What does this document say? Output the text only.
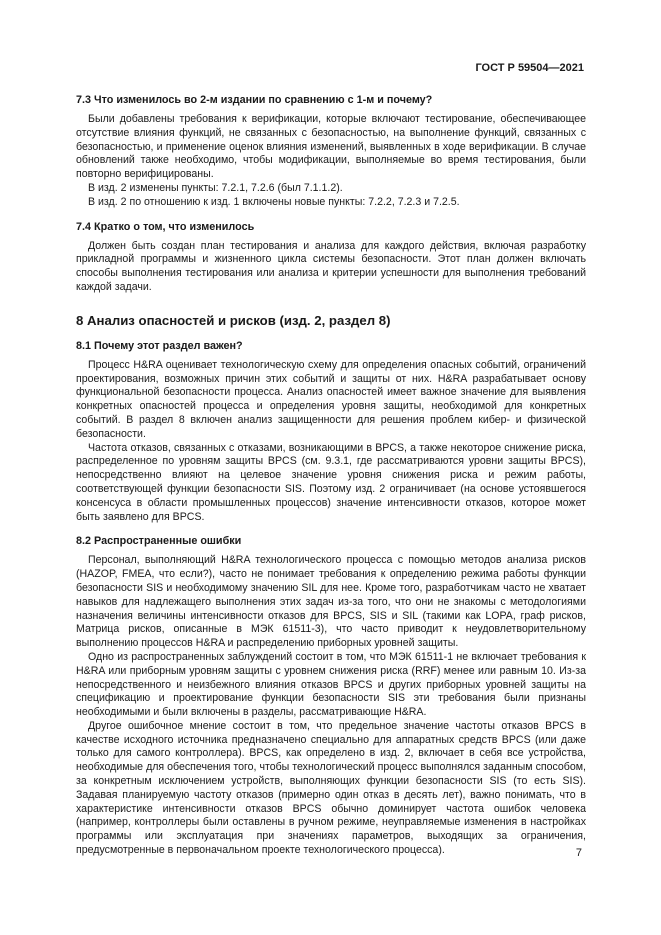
ГОСТ Р 59504—2021

7.3 Что изменилось во 2-м издании по сравнению с 1-м и почему?

Были добавлены требования к верификации, которые включают тестирование, обеспечивающее отсутствие влияния функций, не связанных с безопасностью, на выполнение функций, связанных с безопасностью, и применение оценок влияния изменений, выявленных в ходе верификации. В случае обновлений также необходимо, чтобы модификации, выполняемые во время тестирования, были повторно верифицированы.

В изд. 2 изменены пункты: 7.2.1, 7.2.6 (был 7.1.1.2).

В изд. 2 по отношению к изд. 1 включены новые пункты: 7.2.2, 7.2.3 и 7.2.5.

7.4 Кратко о том, что изменилось

Должен быть создан план тестирования и анализа для каждого действия, включая разработку прикладной программы и жизненного цикла системы безопасности. Этот план должен включать способы выполнения тестирования или анализа и критерии успешности для выполнения требований каждой задачи.

8 Анализ опасностей и рисков (изд. 2, раздел 8)

8.1 Почему этот раздел важен?

Процесс H&RA оценивает технологическую схему для определения опасных событий, ограничений проектирования, возможных причин этих событий и защиты от них. H&RA разрабатывает основу функциональной безопасности процесса. Анализ опасностей имеет важное значение для выявления конкретных опасностей процесса и определения уровня защиты, необходимой для конкретных событий. В раздел 8 включен анализ защищенности для решения проблем кибер- и физической безопасности.

Частота отказов, связанных с отказами, возникающими в BPCS, а также некоторое снижение риска, распределенное по уровням защиты BPCS (см. 9.3.1, где рассматриваются уровни защиты BPCS), непосредственно влияют на целевое значение уровня снижения риска и режим работы, соответствующей функции безопасности SIS. Поэтому изд. 2 ограничивает (на основе устоявшегося консенсуса в области промышленных процессов) значение интенсивности отказов, которое может быть заявлено для BPCS.

8.2 Распространенные ошибки

Персонал, выполняющий H&RA технологического процесса с помощью методов анализа рисков (HAZOP, FMEA, что если?), часто не понимает требования к определению режима работы функции безопасности SIS и необходимому значению SIL для нее. Кроме того, разработчикам часто не хватает навыков для надлежащего выполнения этих задач из-за того, что они не знакомы с методологиями назначения величины интенсивности отказов для BPCS, SIS и SIL (такими как LOPA, граф рисков, Матрица рисков, описанные в МЭК 61511-3), что часто приводит к неудовлетворительному выполнению процессов H&RA и распределению приборных уровней защиты.

Одно из распространенных заблуждений состоит в том, что МЭК 61511-1 не включает требования к H&RA или приборным уровням защиты с уровнем снижения риска (RRF) менее или равным 10. Из-за непосредственного и неизбежного влияния отказов BPCS и других приборных уровней защиты на спецификацию и проектирование функции безопасности SIS эти требования были признаны необходимыми и были включены в разделы, рассматривающие H&RA.

Другое ошибочное мнение состоит в том, что предельное значение частоты отказов BPCS в качестве исходного источника предназначено специально для аппаратных средств BPCS (или даже только для самого контроллера). BPCS, как определено в изд. 2, включает в себя все устройства, необходимые для обеспечения того, чтобы технологический процесс выполнялся заданным способом, за конкретным исключением устройств, выполняющих функции безопасности SIS (то есть SIS). Задавая планируемую частоту отказов (примерно один отказ в десять лет), важно понимать, что в характеристике интенсивности отказов BPCS обычно доминирует частота ошибок человека (например, контроллеры были оставлены в ручном режиме, неуправляемые изменения в настройках программы или эксплуатация при значениях параметров, выходящих за ограничения, предусмотренные в первоначальном проекте технологического процесса).	7
